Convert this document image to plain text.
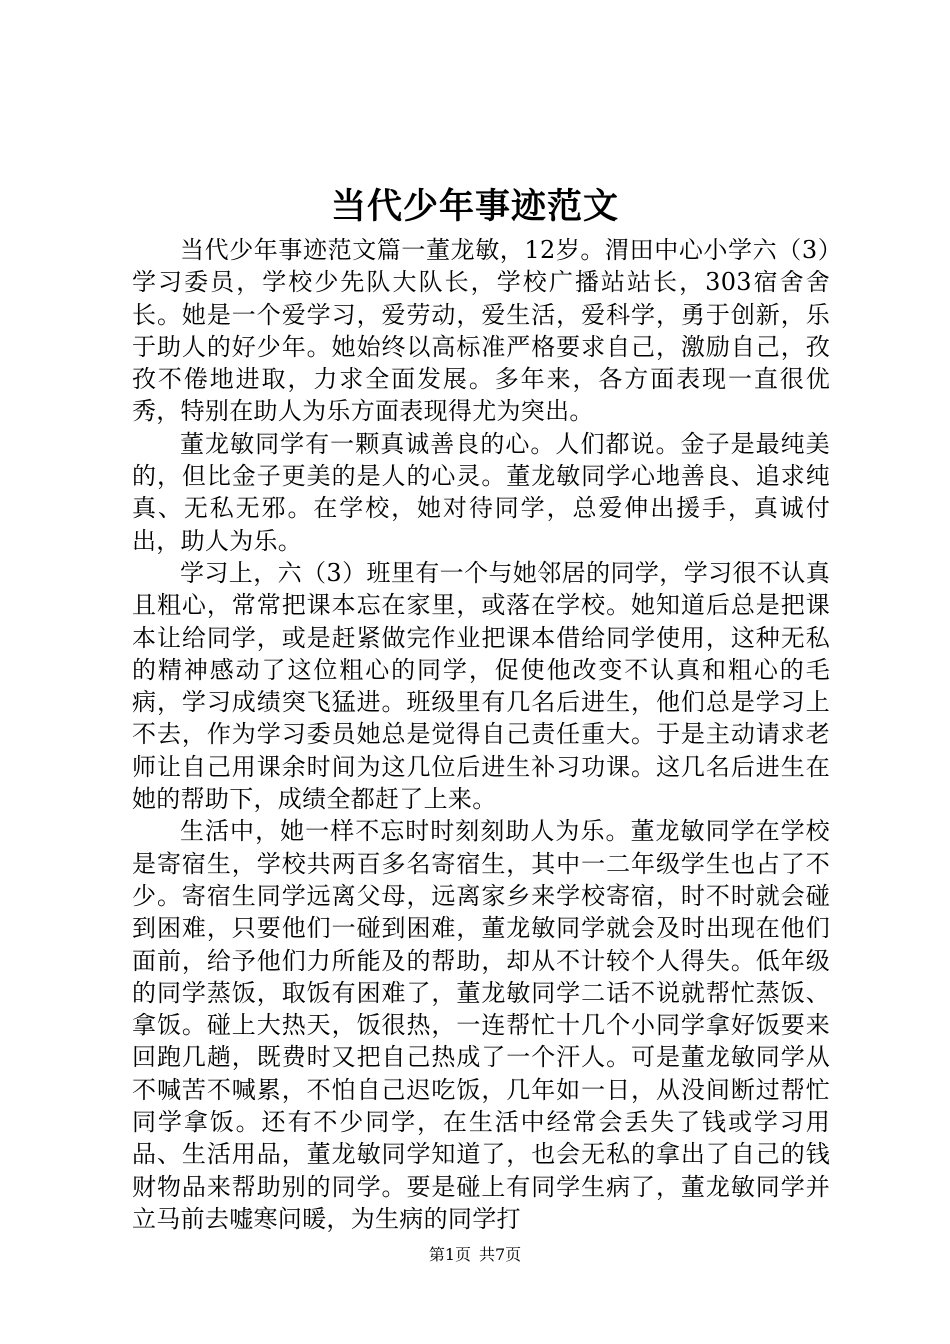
当代少年事迹范文

当代少年事迹范文篇一董龙敏，12岁。渭田中心小学六（3）学习委员，学校少先队大队长，学校广播站站长，303宿舍舍长。她是一个爱学习，爱劳动，爱生活，爱科学，勇于创新，乐于助人的好少年。她始终以高标准严格要求自己，激励自己，孜孜不倦地进取，力求全面发展。多年来，各方面表现一直很优秀，特别在助人为乐方面表现得尤为突出。

董龙敏同学有一颗真诚善良的心。人们都说。金子是最纯美的，但比金子更美的是人的心灵。董龙敏同学心地善良、追求纯真、无私无邪。在学校，她对待同学，总爱伸出援手，真诚付出，助人为乐。

学习上，六（3）班里有一个与她邻居的同学，学习很不认真且粗心，常常把课本忘在家里，或落在学校。她知道后总是把课本让给同学，或是赶紧做完作业把课本借给同学使用，这种无私的精神感动了这位粗心的同学，促使他改变不认真和粗心的毛病，学习成绩突飞猛进。班级里有几名后进生，他们总是学习上不去，作为学习委员她总是觉得自己责任重大。于是主动请求老师让自己用课余时间为这几位后进生补习功课。这几名后进生在她的帮助下，成绩全都赶了上来。

生活中，她一样不忘时时刻刻助人为乐。董龙敏同学在学校是寄宿生，学校共两百多名寄宿生，其中一二年级学生也占了不少。寄宿生同学远离父母，远离家乡来学校寄宿，时不时就会碰到困难，只要他们一碰到困难，董龙敏同学就会及时出现在他们面前，给予他们力所能及的帮助，却从不计较个人得失。低年级的同学蒸饭，取饭有困难了，董龙敏同学二话不说就帮忙蒸饭、拿饭。碰上大热天，饭很热，一连帮忙十几个小同学拿好饭要来回跑几趟，既费时又把自己热成了一个汗人。可是董龙敏同学从不喊苦不喊累，不怕自己迟吃饭，几年如一日，从没间断过帮忙同学拿饭。还有不少同学，在生活中经常会丢失了钱或学习用品、生活用品，董龙敏同学知道了，也会无私的拿出了自己的钱财物品来帮助别的同学。要是碰上有同学生病了，董龙敏同学并立马前去嘘寒问暖，为生病的同学打

第1页 共7页
